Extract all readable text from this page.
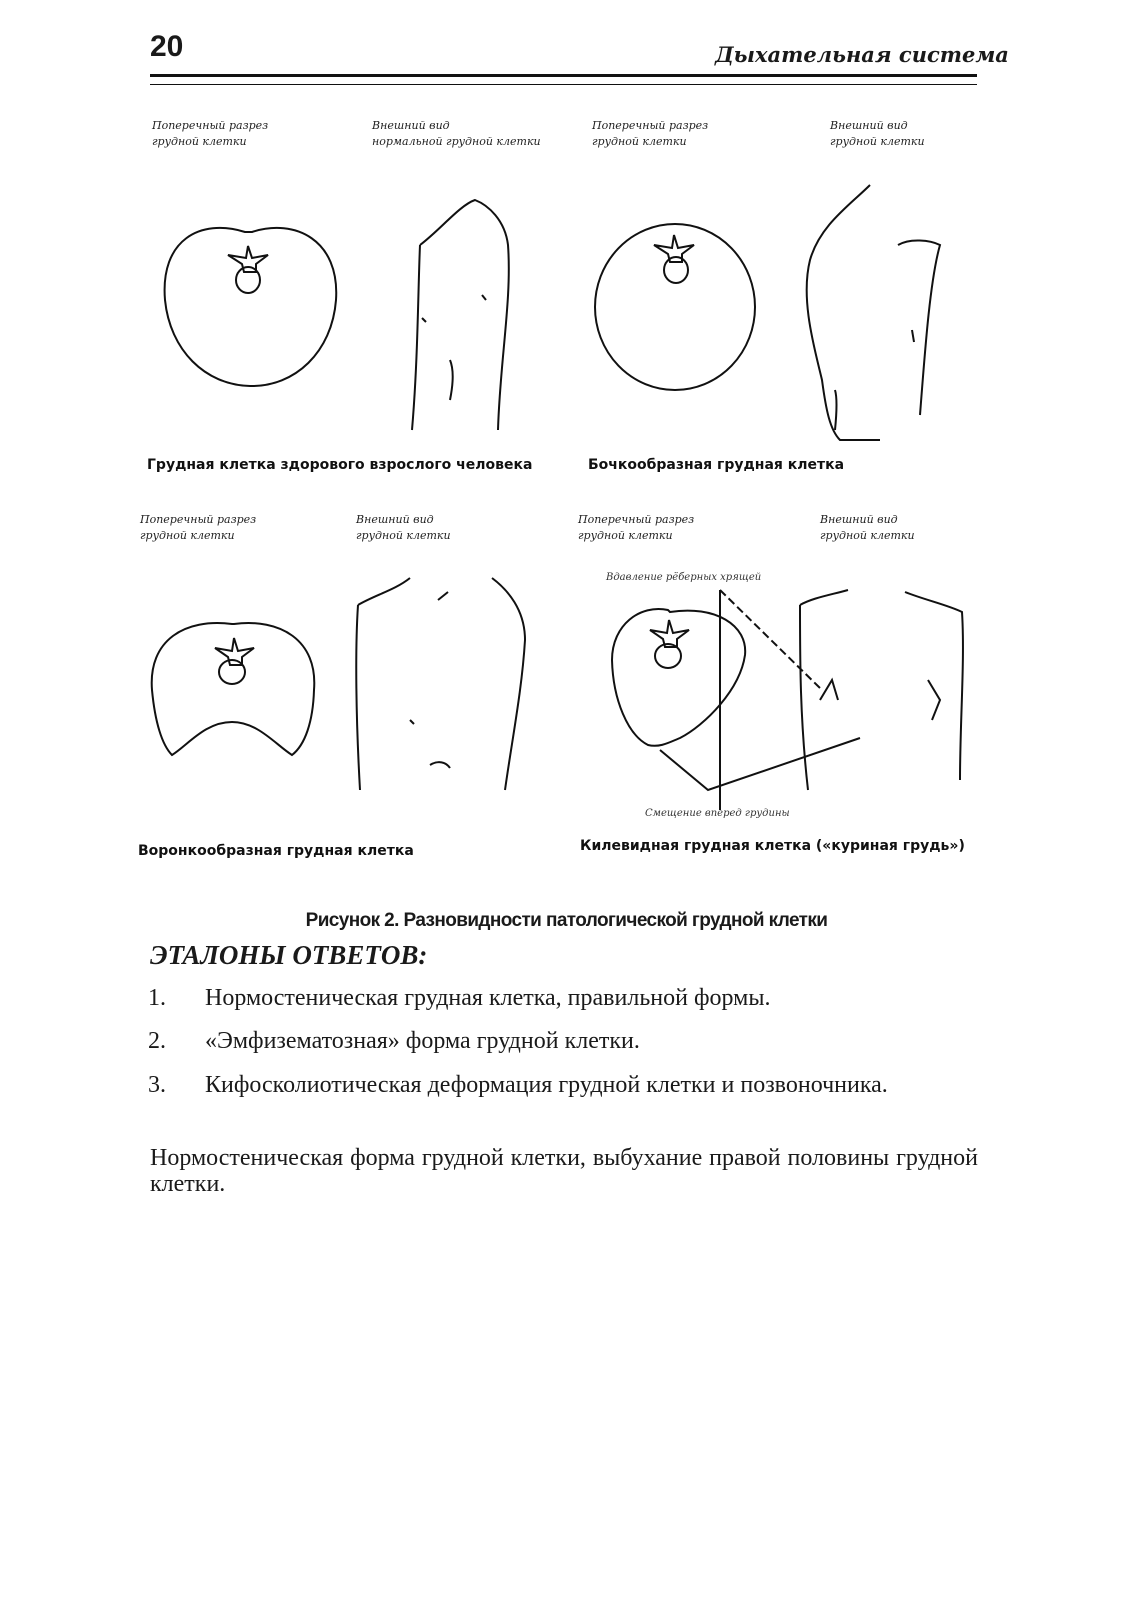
20	Дыхательная система
Поперечный разрез
грудной клетки
Внешний вид
нормальной грудной клетки
Грудная клетка здорового взрослого человека
Поперечный разрез
грудной клетки
Внешний вид
грудной клетки
Бочкообразная грудная клетка
Поперечный разрез
грудной клетки
Внешний вид
грудной клетки
Воронкообразная грудная клетка
Поперечный разрез
грудной клетки
Внешний вид
грудной клетки
Вдавление рёберных хрящей
Смещение вперед грудины
Килевидная грудная клетка («куриная грудь»)
Рисунок 2. Разновидности патологической грудной клетки
ЭТАЛОНЫ ОТВЕТОВ:
1. Нормостеническая грудная клетка, правильной формы.
2. «Эмфизематозная» форма грудной клетки.
3. Кифосколиотическая деформация грудной клетки и позвоночника.
Нормостеническая форма грудной клетки, выбухание правой половины грудной клетки.
